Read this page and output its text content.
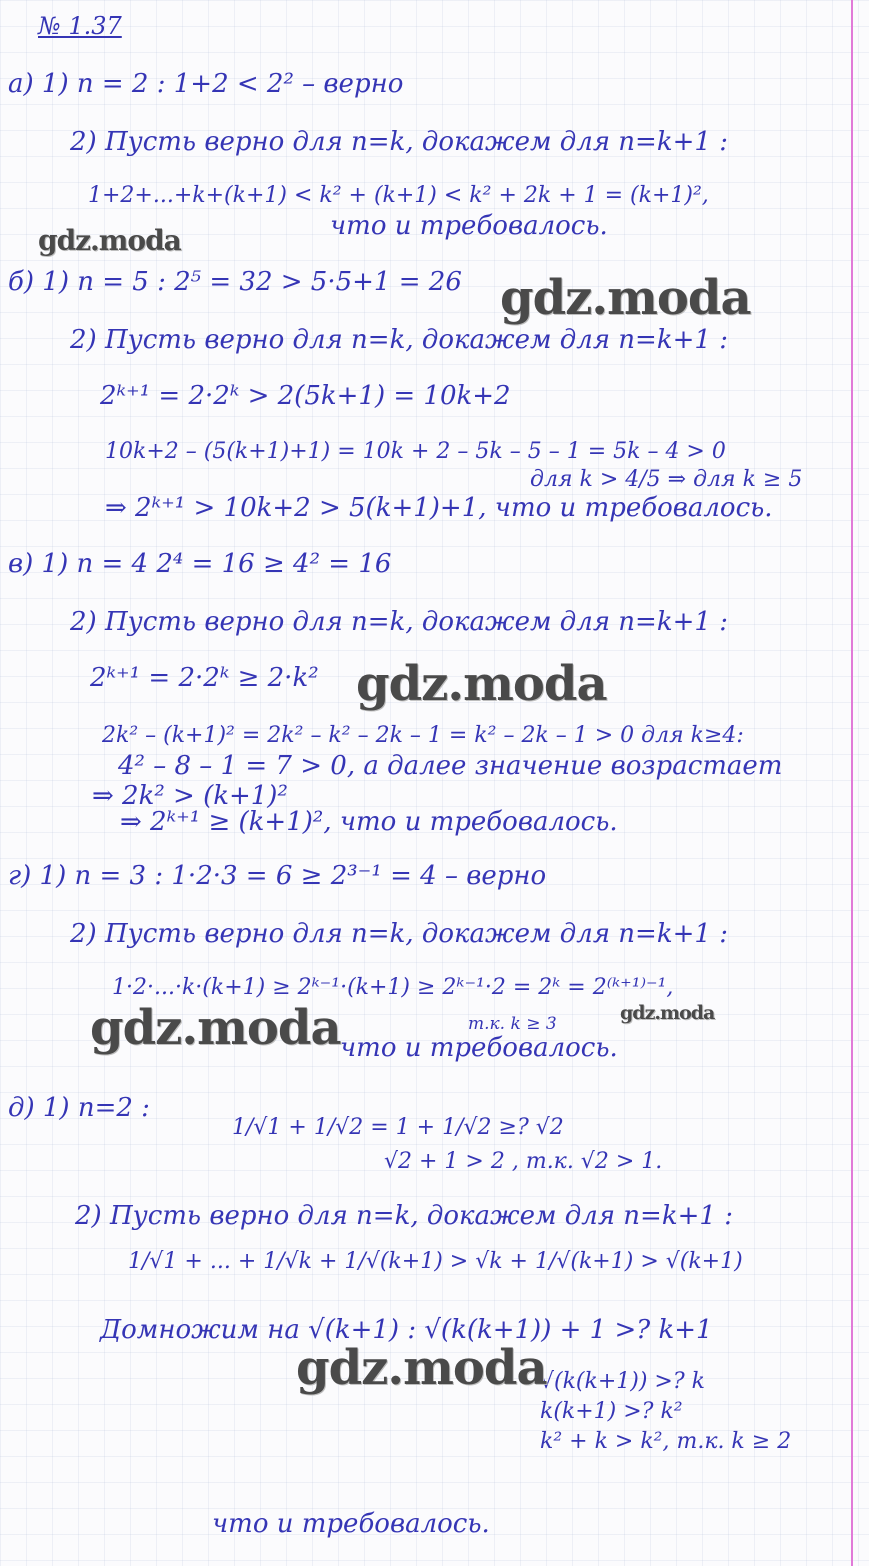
№ 1.37
а) 1) n = 2 : 1+2 < 2² – верно
2) Пусть верно для n=k, докажем для n=k+1 :
1+2+...+k+(k+1) < k² + (k+1) < k² + 2k + 1 = (k+1)²,
что и требовалось.
б) 1) n = 5 : 2⁵ = 32 > 5·5+1 = 26
2) Пусть верно для n=k, докажем для n=k+1 :
2ᵏ⁺¹ = 2·2ᵏ > 2(5k+1) = 10k+2
10k+2 – (5(k+1)+1) = 10k + 2 – 5k – 5 – 1 = 5k – 4 > 0
для k > 4/5 ⇒ для k ≥ 5
⇒ 2ᵏ⁺¹ > 10k+2 > 5(k+1)+1, что и требовалось.
в) 1) n = 4 2⁴ = 16 ≥ 4² = 16
2) Пусть верно для n=k, докажем для n=k+1 :
2ᵏ⁺¹ = 2·2ᵏ ≥ 2·k²
2k² – (k+1)² = 2k² – k² – 2k – 1 = k² – 2k – 1 > 0 для k≥4:
4² – 8 – 1 = 7 > 0, а далее значение возрастает
⇒ 2k² > (k+1)²
⇒ 2ᵏ⁺¹ ≥ (k+1)², что и требовалось.
г) 1) n = 3 : 1·2·3 = 6 ≥ 2³⁻¹ = 4 – верно
2) Пусть верно для n=k, докажем для n=k+1 :
1·2·...·k·(k+1) ≥ 2ᵏ⁻¹·(k+1) ≥ 2ᵏ⁻¹·2 = 2ᵏ = 2⁽ᵏ⁺¹⁾⁻¹,
т.к. k ≥ 3
что и требовалось.
д) 1) n=2 :
1/√1 + 1/√2 = 1 + 1/√2 ≥? √2
√2 + 1 > 2 , т.к. √2 > 1.
2) Пусть верно для n=k, докажем для n=k+1 :
1/√1 + ... + 1/√k + 1/√(k+1) > √k + 1/√(k+1) > √(k+1)
Домножим на √(k+1) : √(k(k+1)) + 1 >? k+1
√(k(k+1)) >? k
k(k+1) >? k²
k² + k > k², т.к. k ≥ 2
что и требовалось.
gdz.moda
gdz.moda
gdz.moda
gdz.moda	gdz.moda
gdz.moda
